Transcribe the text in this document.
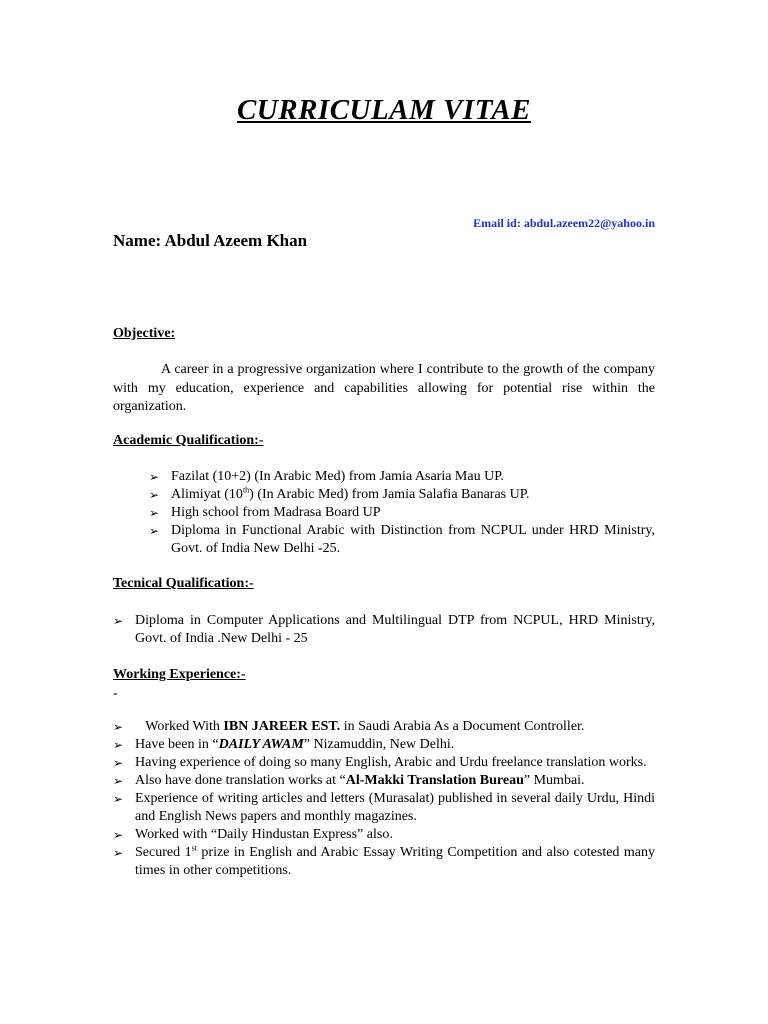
CURRICULAM VITAE
Email id: abdul.azeem22@yahoo.in
Name: Abdul Azeem Khan
Objective:
A career in a progressive organization where I contribute to the growth of the company with my education, experience and capabilities allowing for potential rise within the organization.
Academic Qualification:-
➢ Fazilat (10+2) (In Arabic Med) from Jamia Asaria Mau UP.
➢ Alimiyat (10th) (In Arabic Med) from Jamia Salafia Banaras UP.
➢ High school from Madrasa Board UP
➢ Diploma in Functional Arabic with Distinction from NCPUL under HRD Ministry, Govt. of India New Delhi -25.
Tecnical Qualification:-
➢ Diploma in Computer Applications and Multilingual DTP from NCPUL, HRD Ministry, Govt. of India .New Delhi - 25
Working Experience:-
-
➢ Worked With IBN JAREER EST. in Saudi Arabia As a Document Controller.
➢ Have been in “DAILY AWAM” Nizamuddin, New Delhi.
➢ Having experience of doing so many English, Arabic and Urdu freelance translation works.
➢ Also have done translation works at “Al-Makki Translation Bureau” Mumbai.
➢ Experience of writing articles and letters (Murasalat) published in several daily Urdu, Hindi and English News papers and monthly magazines.
➢ Worked with “Daily Hindustan Express” also.
➢ Secured 1st prize in English and Arabic Essay Writing Competition and also cotested many times in other competitions.
